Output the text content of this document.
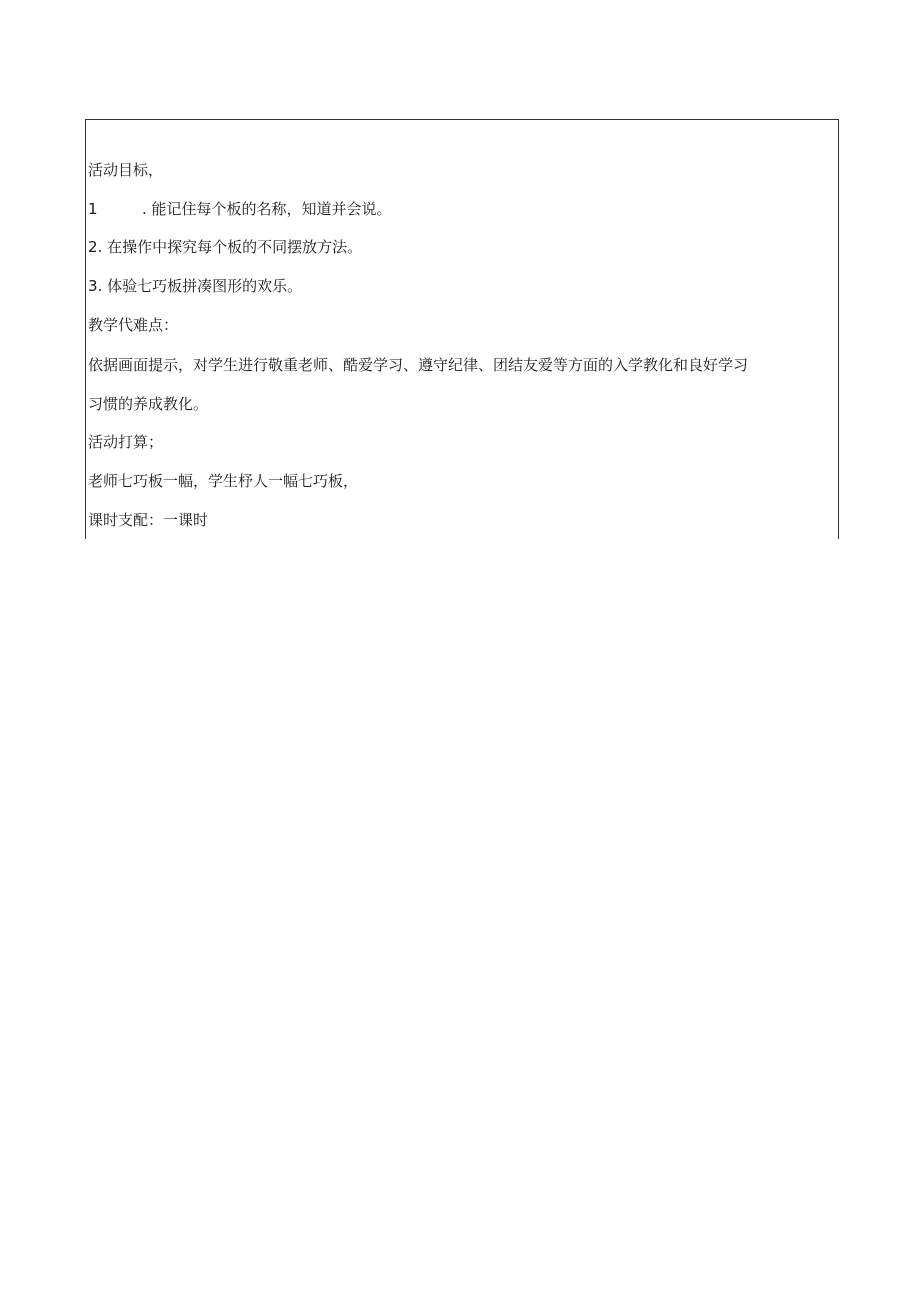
活动目标，
1	. 能记住每个板的名称，知道并会说。
2. 在操作中探究每个板的不同摆放方法。
3. 体验七巧板拼凑图形的欢乐。
教学代难点：
依据画面提示，对学生进行敬重老师、酷爱学习、遵守纪律、团结友爱等方面的入学教化和良好学习
习惯的养成教化。
活动打算；
老师七巧板一幅，学生杼人一幅七巧板，
课时支配：一课时
